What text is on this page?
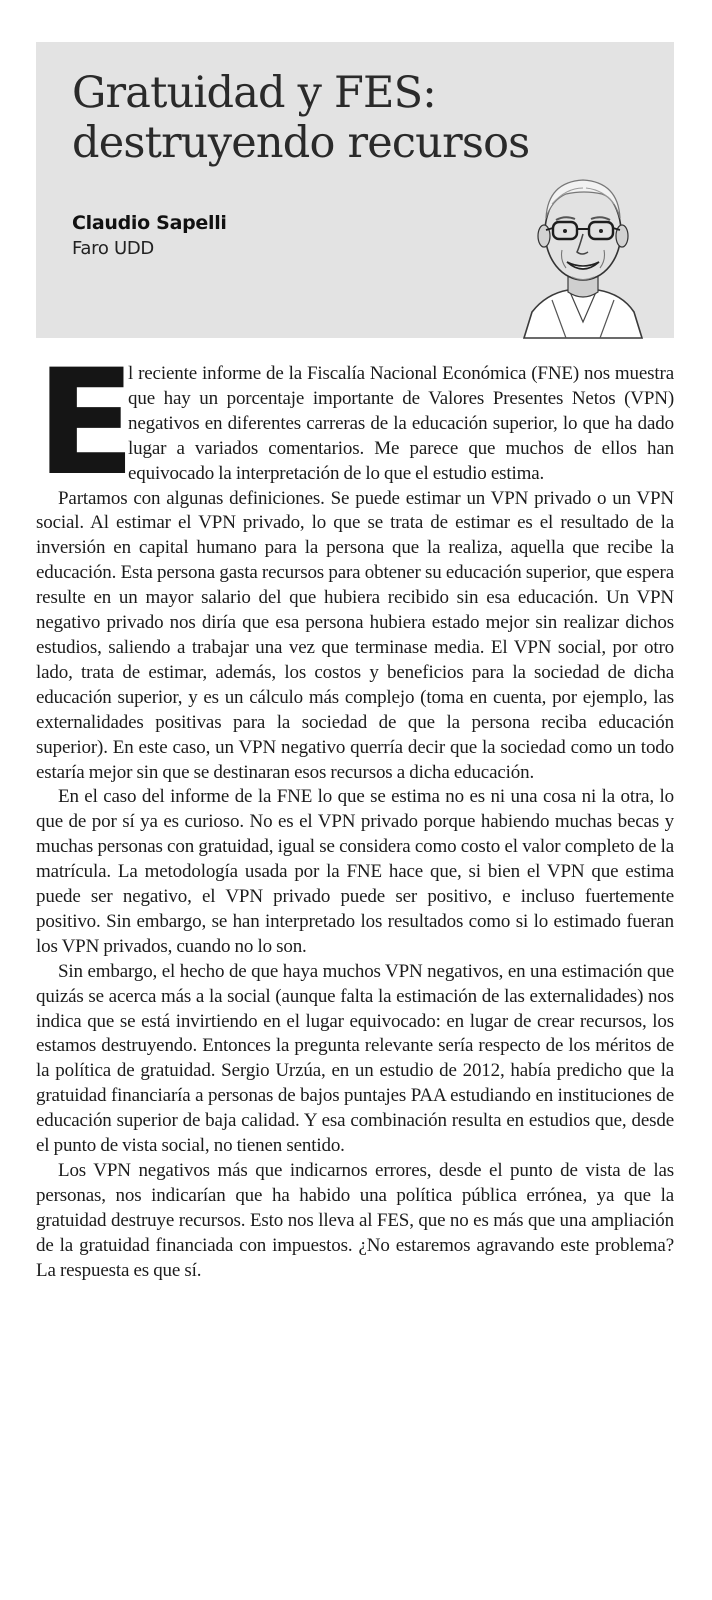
Gratuidad y FES:
destruyendo recursos
Claudio Sapelli
Faro UDD

E
l reciente informe de la Fiscalía Nacional Económica (FNE) nos muestra que hay un porcentaje importante de Valores Presentes Netos (VPN) negativos en diferentes carreras de la educación superior, lo que ha dado lugar a variados comentarios. Me parece que muchos de ellos han equivocado la interpretación de lo que el estudio estima.

Partamos con algunas definiciones. Se puede estimar un VPN privado o un VPN social. Al estimar el VPN privado, lo que se trata de estimar es el resultado de la inversión en capital humano para la persona que la realiza, aquella que recibe la educación. Esta persona gasta recursos para obtener su educación superior, que espera resulte en un mayor salario del que hubiera recibido sin esa educación. Un VPN negativo privado nos diría que esa persona hubiera estado mejor sin realizar dichos estudios, saliendo a trabajar una vez que terminase media. El VPN social, por otro lado, trata de estimar, además, los costos y beneficios para la sociedad de dicha educación superior, y es un cálculo más complejo (toma en cuenta, por ejemplo, las externalidades positivas para la sociedad de que la persona reciba educación superior). En este caso, un VPN negativo querría decir que la sociedad como un todo estaría mejor sin que se destinaran esos recursos a dicha educación.

En el caso del informe de la FNE lo que se estima no es ni una cosa ni la otra, lo que de por sí ya es curioso. No es el VPN privado porque habiendo muchas becas y muchas personas con gratuidad, igual se considera como costo el valor completo de la matrícula. La metodología usada por la FNE hace que, si bien el VPN que estima puede ser negativo, el VPN privado puede ser positivo, e incluso fuertemente positivo. Sin embargo, se han interpretado los resultados como si lo estimado fueran los VPN privados, cuando no lo son.

Sin embargo, el hecho de que haya muchos VPN negativos, en una estimación que quizás se acerca más a la social (aunque falta la estimación de las externalidades) nos indica que se está invirtiendo en el lugar equivocado: en lugar de crear recursos, los estamos destruyendo. Entonces la pregunta relevante sería respecto de los méritos de la política de gratuidad. Sergio Urzúa, en un estudio de 2012, había predicho que la gratuidad financiaría a personas de bajos puntajes PAA estudiando en instituciones de educación superior de baja calidad. Y esa combinación resulta en estudios que, desde el punto de vista social, no tienen sentido.

Los VPN negativos más que indicarnos errores, desde el punto de vista de las personas, nos indicarían que ha habido una política pública errónea, ya que la gratuidad destruye recursos. Esto nos lleva al FES, que no es más que una ampliación de la gratuidad financiada con impuestos. ¿No estaremos agravando este problema? La respuesta es que sí.
